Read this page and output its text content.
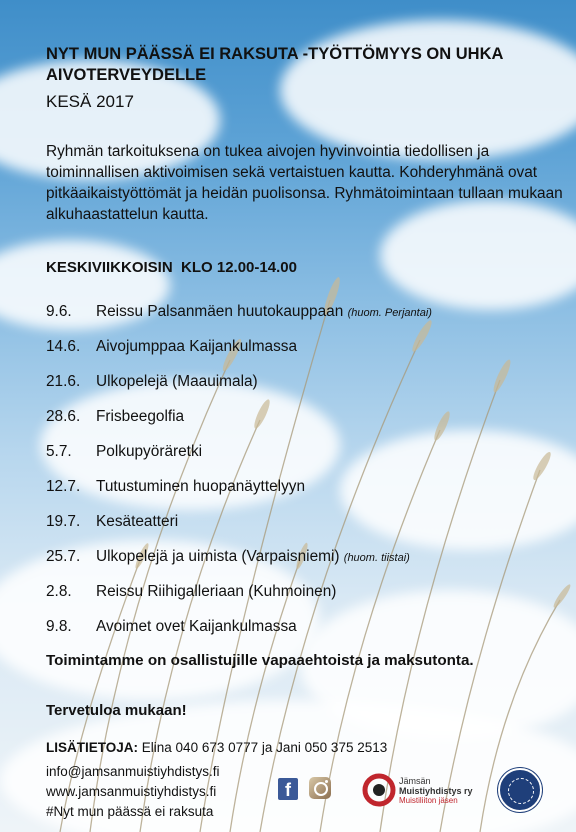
NYT MUN PÄÄSSÄ EI RAKSUTA -TYÖTTÖMYYS ON UHKA AIVOTERVEYDELLE
KESÄ 2017
Ryhmän tarkoituksena on tukea aivojen hyvinvointia tiedollisen ja toiminnallisen aktivoimisen sekä vertaistuen kautta. Kohderyhmänä ovat pitkäaikaistyöttömät ja heidän puolisonsa. Ryhmätoimintaan tullaan mukaan alkuhaastattelun kautta.
KESKIVIIKKOISIN  KLO 12.00-14.00
9.6. Reissu Palsanmäen huutokauppaan (huom. Perjantai)
14.6. Aivojumppaa Kaijankulmassa
21.6. Ulkopelejä (Maauimala)
28.6. Frisbeegolfia
5.7. Polkupyöräretki
12.7. Tutustuminen huopanäyttelyyn
19.7. Kesäteatteri
25.7. Ulkopelejä ja uimista (Varpaisniemi) (huom. tiistai)
2.8. Reissu Riihigalleriaan (Kuhmoinen)
9.8. Avoimet ovet Kaijankulmassa
Toimintamme on osallistujille vapaaehtoista ja maksutonta.
Tervetuloa mukaan!
LISÄTIETOJA: Elina 040 673 0777 ja Jani 050 375 2513
info@jamsanmuistiyhdistys.fi
www.jamsanmuistiyhdistys.fi
#Nyt mun päässä ei raksuta
f	Jämsän
Muistiyhdistys ry
Muistiliiton jäsen
